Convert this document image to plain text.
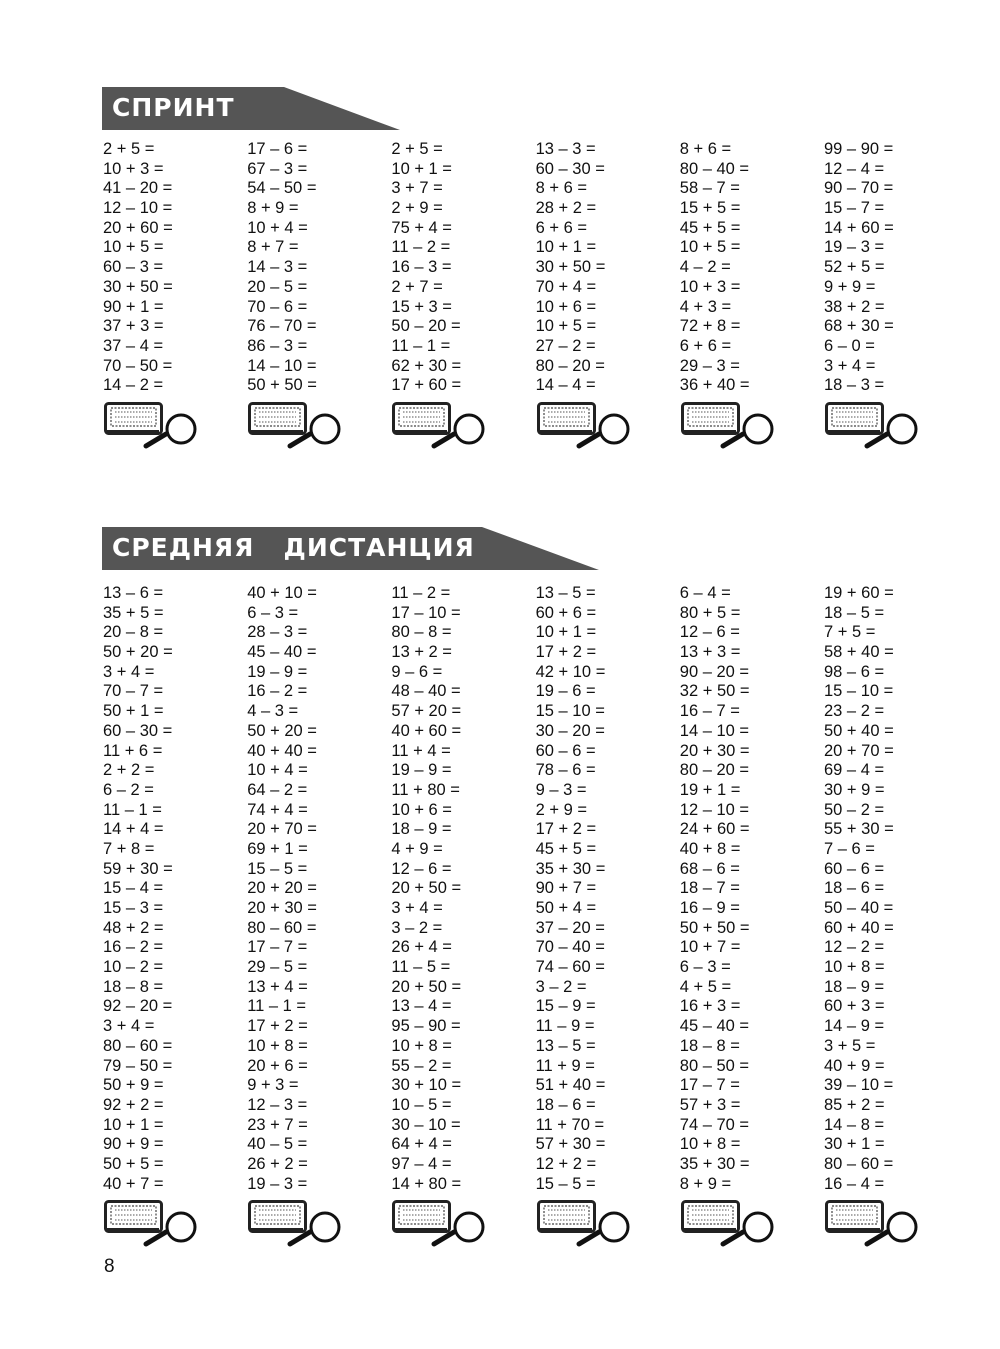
СПРИНТ
2 + 5 =
10 + 3 =
41 – 20 =
12 – 10 =
20 + 60 =
10 + 5 =
60 – 3 =
30 + 50 =
90 + 1 =
37 + 3 =
37 – 4 =
70 – 50 =
14 – 2 =
17 – 6 =
67 – 3 =
54 – 50 =
8 + 9 =
10 + 4 =
8 + 7 =
14 – 3 =
20 – 5 =
70 – 6 =
76 – 70 =
86 – 3 =
14 – 10 =
50 + 50 =
2 + 5 =
10 + 1 =
3 + 7 =
2 + 9 =
75 + 4 =
11 – 2 =
16 – 3 =
2 + 7 =
15 + 3 =
50 – 20 =
11 – 1 =
62 + 30 =
17 + 60 =
13 – 3 =
60 – 30 =
8 + 6 =
28 + 2 =
6 + 6 =
10 + 1 =
30 + 50 =
70 + 4 =
10 + 6 =
10 + 5 =
27 – 2 =
80 – 20 =
14 – 4 =
8 + 6 =
80 – 40 =
58 – 7 =
15 + 5 =
45 + 5 =
10 + 5 =
4 – 2 =
10 + 3 =
4 + 3 =
72 + 8 =
6 + 6 =
29 – 3 =
36 + 40 =
99 – 90 =
12 – 4 =
90 – 70 =
15 – 7 =
14 + 60 =
19 – 3 =
52 + 5 =
9 + 9 =
38 + 2 =
68 + 30 =
6 – 0 =
3 + 4 =
18 – 3 =
СРЕДНЯЯ   ДИСТАНЦИЯ
13 – 6 =
35 + 5 =
20 – 8 =
50 + 20 =
3 + 4 =
70 – 7 =
50 + 1 =
60 – 30 =
11 + 6 =
2 + 2 =
6 – 2 =
11 – 1 =
14 + 4 =
7 + 8 =
59 + 30 =
15 – 4 =
15 – 3 =
48 + 2 =
16 – 2 =
10 – 2 =
18 – 8 =
92 – 20 =
3 + 4 =
80 – 60 =
79 – 50 =
50 + 9 =
92 + 2 =
10 + 1 =
90 + 9 =
50 + 5 =
40 + 7 =
40 + 10 =
6 – 3 =
28 – 3 =
45 – 40 =
19 – 9 =
16 – 2 =
4 – 3 =
50 + 20 =
40 + 40 =
10 + 4 =
64 – 2 =
74 + 4 =
20 + 70 =
69 + 1 =
15 – 5 =
20 + 20 =
20 + 30 =
80 – 60 =
17 – 7 =
29 – 5 =
13 + 4 =
11 – 1 =
17 + 2 =
10 + 8 =
20 + 6 =
9 + 3 =
12 – 3 =
23 + 7 =
40 – 5 =
26 + 2 =
19 – 3 =
11 – 2 =
17 – 10 =
80 – 8 =
13 + 2 =
9 – 6 =
48 – 40 =
57 + 20 =
40 + 60 =
11 + 4 =
19 – 9 =
11 + 80 =
10 + 6 =
18 – 9 =
4 + 9 =
12 – 6 =
20 + 50 =
3 + 4 =
3 – 2 =
26 + 4 =
11 – 5 =
20 + 50 =
13 – 4 =
95 – 90 =
10 + 8 =
55 – 2 =
30 + 10 =
10 – 5 =
30 – 10 =
64 + 4 =
97 – 4 =
14 + 80 =
13 – 5 =
60 + 6 =
10 + 1 =
17 + 2 =
42 + 10 =
19 – 6 =
15 – 10 =
30 – 20 =
60 – 6 =
78 – 6 =
9 – 3 =
2 + 9 =
17 + 2 =
45 + 5 =
35 + 30 =
90 + 7 =
50 + 4 =
37 – 20 =
70 – 40 =
74 – 60 =
3 – 2 =
15 – 9 =
11 – 9 =
13 – 5 =
11 + 9 =
51 + 40 =
18 – 6 =
11 + 70 =
57 + 30 =
12 + 2 =
15 – 5 =
6 – 4 =
80 + 5 =
12 – 6 =
13 + 3 =
90 – 20 =
32 + 50 =
16 – 7 =
14 – 10 =
20 + 30 =
80 – 20 =
19 + 1 =
12 – 10 =
24 + 60 =
40 + 8 =
68 – 6 =
18 – 7 =
16 – 9 =
50 + 50 =
10 + 7 =
6 – 3 =
4 + 5 =
16 + 3 =
45 – 40 =
18 – 8 =
80 – 50 =
17 – 7 =
57 + 3 =
74 – 70 =
10 + 8 =
35 + 30 =
8 + 9 =
19 + 60 =
18 – 5 =
7 + 5 =
58 + 40 =
98 – 6 =
15 – 10 =
23 – 2 =
50 + 40 =
20 + 70 =
69 – 4 =
30 + 9 =
50 – 2 =
55 + 30 =
7 – 6 =
60 – 6 =
18 – 6 =
50 – 40 =
60 + 40 =
12 – 2 =
10 + 8 =
18 – 9 =
60 + 3 =
14 – 9 =
3 + 5 =
40 + 9 =
39 – 10 =
85 + 2 =
14 – 8 =
30 + 1 =
80 – 60 =
16 – 4 =
8
